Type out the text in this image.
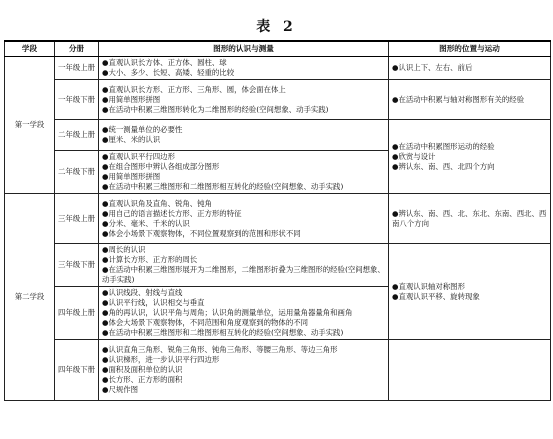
表 2
学段	分册	图形的认识与测量	图形的位置与运动
第一学段	一年级上册	●直观认识长方体、正方体、圆柱、球
●大小、多少、长短、高矮、轻重的比较	●认识上下、左右、前后

	一年级下册	●直观认识长方形、正方形、三角形、圆，体会面在体上
●用简单图形拼图
●在活动中积累三维图形转化为二维图形的经验(空间想象、动手实践)	●在活动中积累与轴对称图形有关的经验

	二年级上册	●统一测量单位的必要性
●厘米、米的认识	●在活动中积累图形运动的经验
●欣赏与设计
●辨认东、南、西、北四个方向

	二年级下册	●直观认识平行四边形
●在组合图形中辨认各组成部分图形
●用简单图形拼图
●在活动中积累三维图形和二维图形相互转化的经验(空间想象、动手实践)	

第二学段	三年级上册	●直观认识角及直角、锐角、钝角
●用自己的语言描述长方形、正方形的特征
●分米、毫米、千米的认识
●体会小场景下观察物体，不同位置观察到的范围和形状不同	●辨认东、南、西、北、东北、东南、西北、西南八个方向

	三年级下册	●周长的认识
●计算长方形、正方形的周长
●在活动中积累三维图形展开为二维图形，二维图形折叠为三维图形的经验(空间想象、动手实践)	●直观认识轴对称图形
●直观认识平移、旋转现象

	四年级上册	●认识线段、射线与直线
●认识平行线，认识相交与垂直
●角的再认识，认识平角与周角；认识角的测量单位，运用量角器量角和画角
●体会大场景下观察物体，不同范围和角度观察到的物体的不同
●在活动中积累三维图形和二维图形相互转化的经验(空间想象、动手实践)	

	四年级下册	●认识直角三角形、锐角三角形、钝角三角形、等腰三角形、等边三角形
●认识梯形，进一步认识平行四边形
●面积及面积单位的认识
●长方形、正方形的面积
●尺规作图	
